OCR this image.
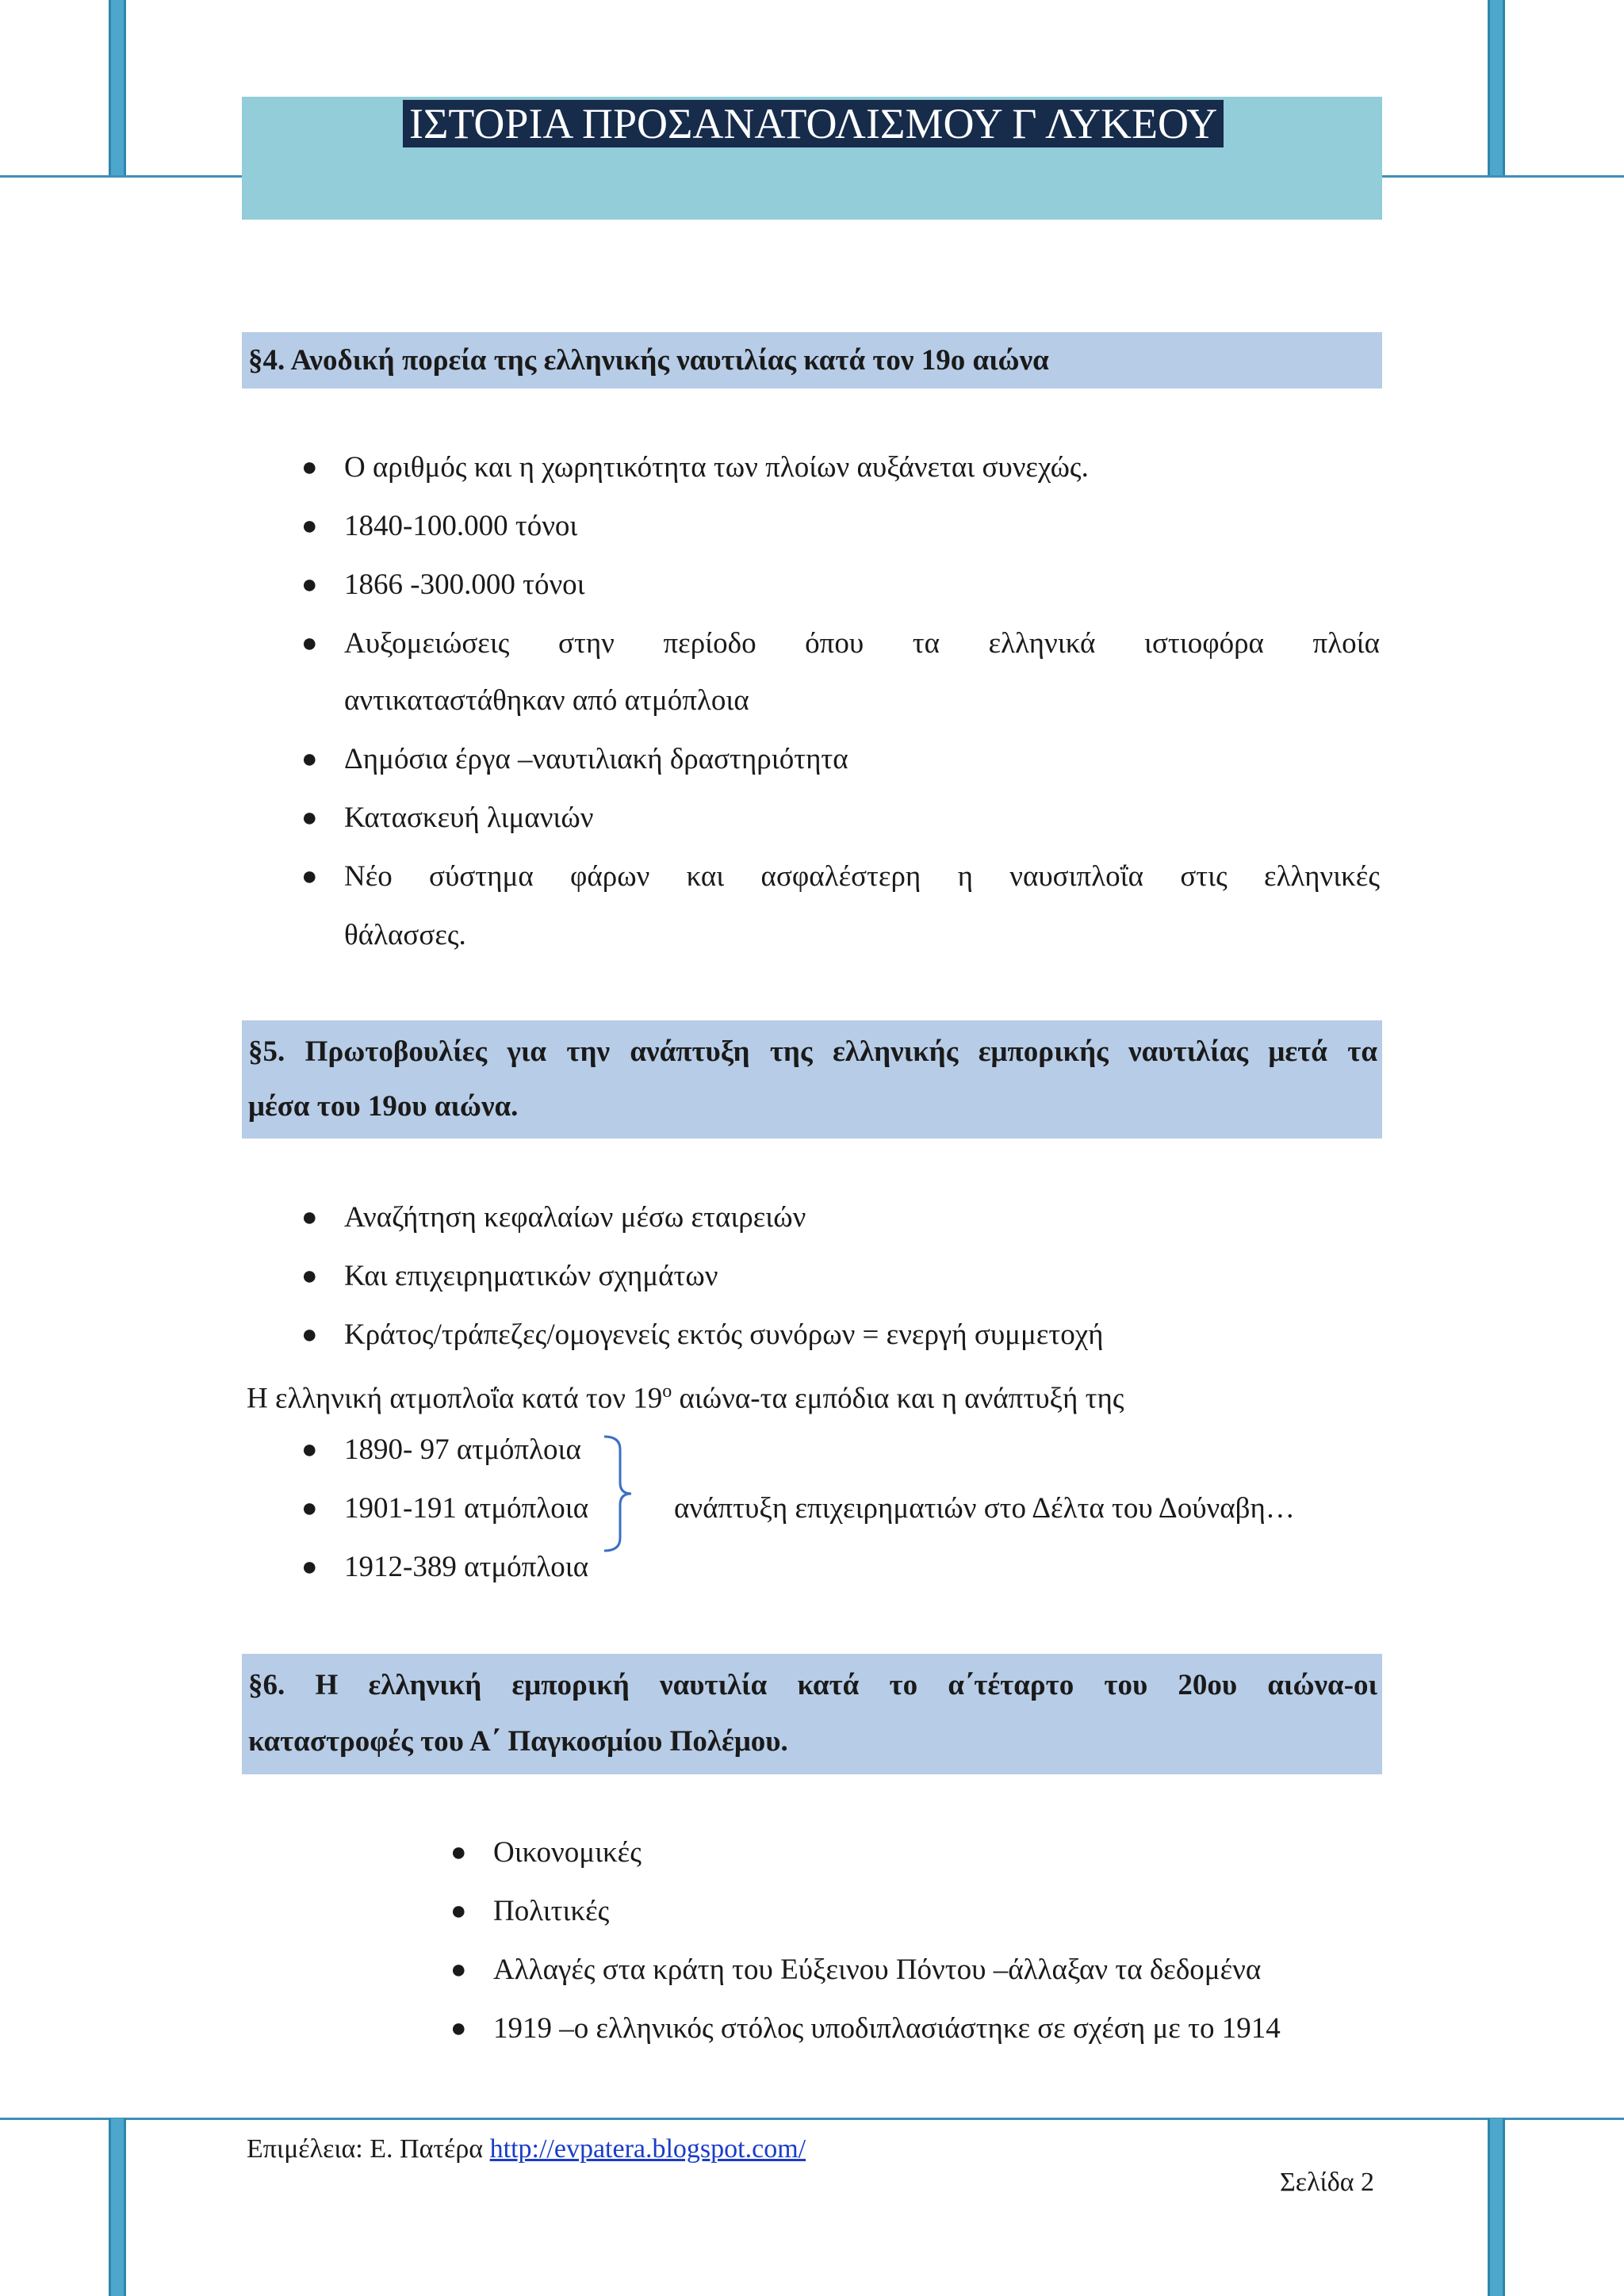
ΙΣΤΟΡΙΑ ΠΡΟΣΑΝΑΤΟΛΙΣΜΟΥ Γ ΛΥΚΕΟΥ

§4. Ανοδική πορεία της ελληνικής ναυτιλίας κατά τον 19ο αιώνα

● Ο αριθμός και η χωρητικότητα των πλοίων αυξάνεται συνεχώς.
● 1840-100.000 τόνοι
● 1866 -300.000 τόνοι
● Αυξομειώσεις στην περίοδο όπου τα ελληνικά ιστιοφόρα πλοία
αντικαταστάθηκαν από ατμόπλοια
● Δημόσια έργα –ναυτιλιακή δραστηριότητα
● Κατασκευή λιμανιών
● Νέο σύστημα φάρων και ασφαλέστερη η ναυσιπλοΐα στις ελληνικές
θάλασσες.

§5. Πρωτοβουλίες για την ανάπτυξη της ελληνικής εμπορικής ναυτιλίας μετά τα

μέσα του 19ου αιώνα.

● Αναζήτηση κεφαλαίων μέσω εταιρειών
● Και επιχειρηματικών σχημάτων
● Κράτος/τράπεζες/ομογενείς εκτός συνόρων = ενεργή συμμετοχή
Η ελληνική ατμοπλοΐα κατά τον $19^o$ αιώνα-τα εμπόδια και η ανάπτυξή της
● 1890- 97 ατμόπλοια
● 1901-191 ατμόπλοια
● 1912-389 ατμόπλοια
ανάπτυξη επιχειρηματιών στο Δέλτα του Δούναβη…

§6. Η ελληνική εμπορική ναυτιλία κατά το α΄τέταρτο του 20ου αιώνα-οι

καταστροφές του Α΄ Παγκοσμίου Πολέμου.

● Οικονομικές
● Πολιτικές
● Αλλαγές στα κράτη του Εύξεινου Πόντου –άλλαξαν τα δεδομένα
● 1919 –ο ελληνικός στόλος υποδιπλασιάστηκε σε σχέση με το 1914
Επιμέλεια: Ε. Πατέρα http://evpatera.blogspot.com/
Σελίδα 2
